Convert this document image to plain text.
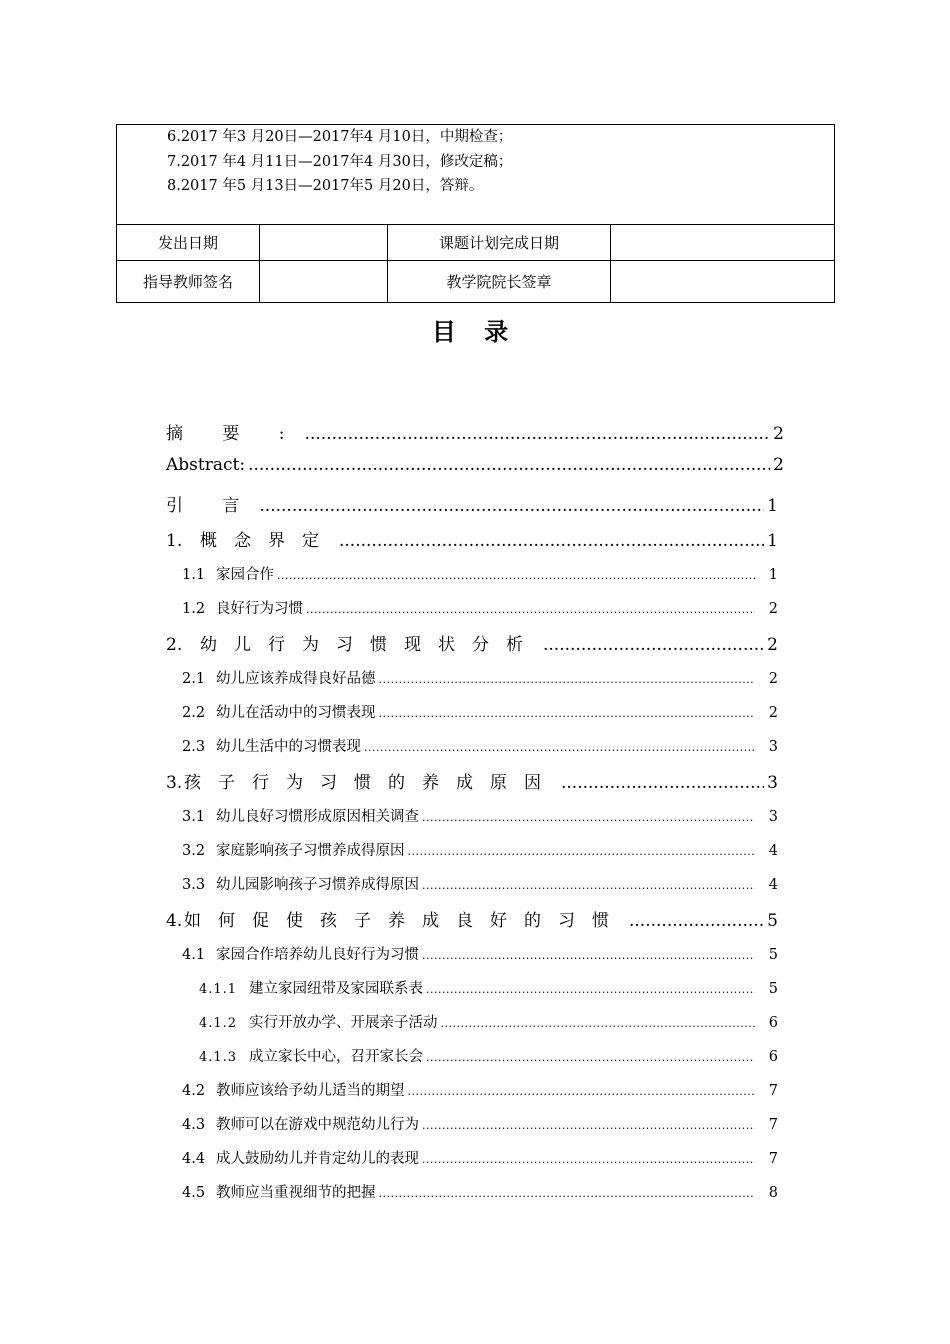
6.2017 年3 月20日—2017年4 月10日，中期检查；
7.2017 年4 月11日—2017年4 月30日，修改定稿；
8.2017 年5 月13日—2017年5 月20日，答辩。			

发出日期		课题计划完成日期	
指导教师签名		教学院院长签章	
目 录
摘 要 : .....	2
Abstract: .....	2
引 言 .....	1
1.	概念界定 .....	1
1.1 家园合作 .....	1
1.2 良好行为习惯 .....	2
2.	幼儿行为习惯现状分析 .....	2
2.1 幼儿应该养成得良好品德 .....	2
2.2 幼儿在活动中的习惯表现 .....	2
2.3 幼儿生活中的习惯表现 .....	3
3. 孩子行为习惯的养成原因 .....	3
3.1 幼儿良好习惯形成原因相关调查 .....	3
3.2 家庭影响孩子习惯养成得原因 .....	4
3.3 幼儿园影响孩子习惯养成得原因 .....	4
4. 如何促使孩子养成良好的习惯 .....	5
4.1 家园合作培养幼儿良好行为习惯 .....	5
4.1.1 建立家园纽带及家园联系表 .....	5
4.1.2 实行开放办学、开展亲子活动 .....	6
4.1.3 成立家长中心，召开家长会 .....	6
4.2 教师应该给予幼儿适当的期望 .....	7
4.3 教师可以在游戏中规范幼儿行为 .....	7
4.4 成人鼓励幼儿并肯定幼儿的表现 .....	7
4.5 教师应当重视细节的把握 .....	8
